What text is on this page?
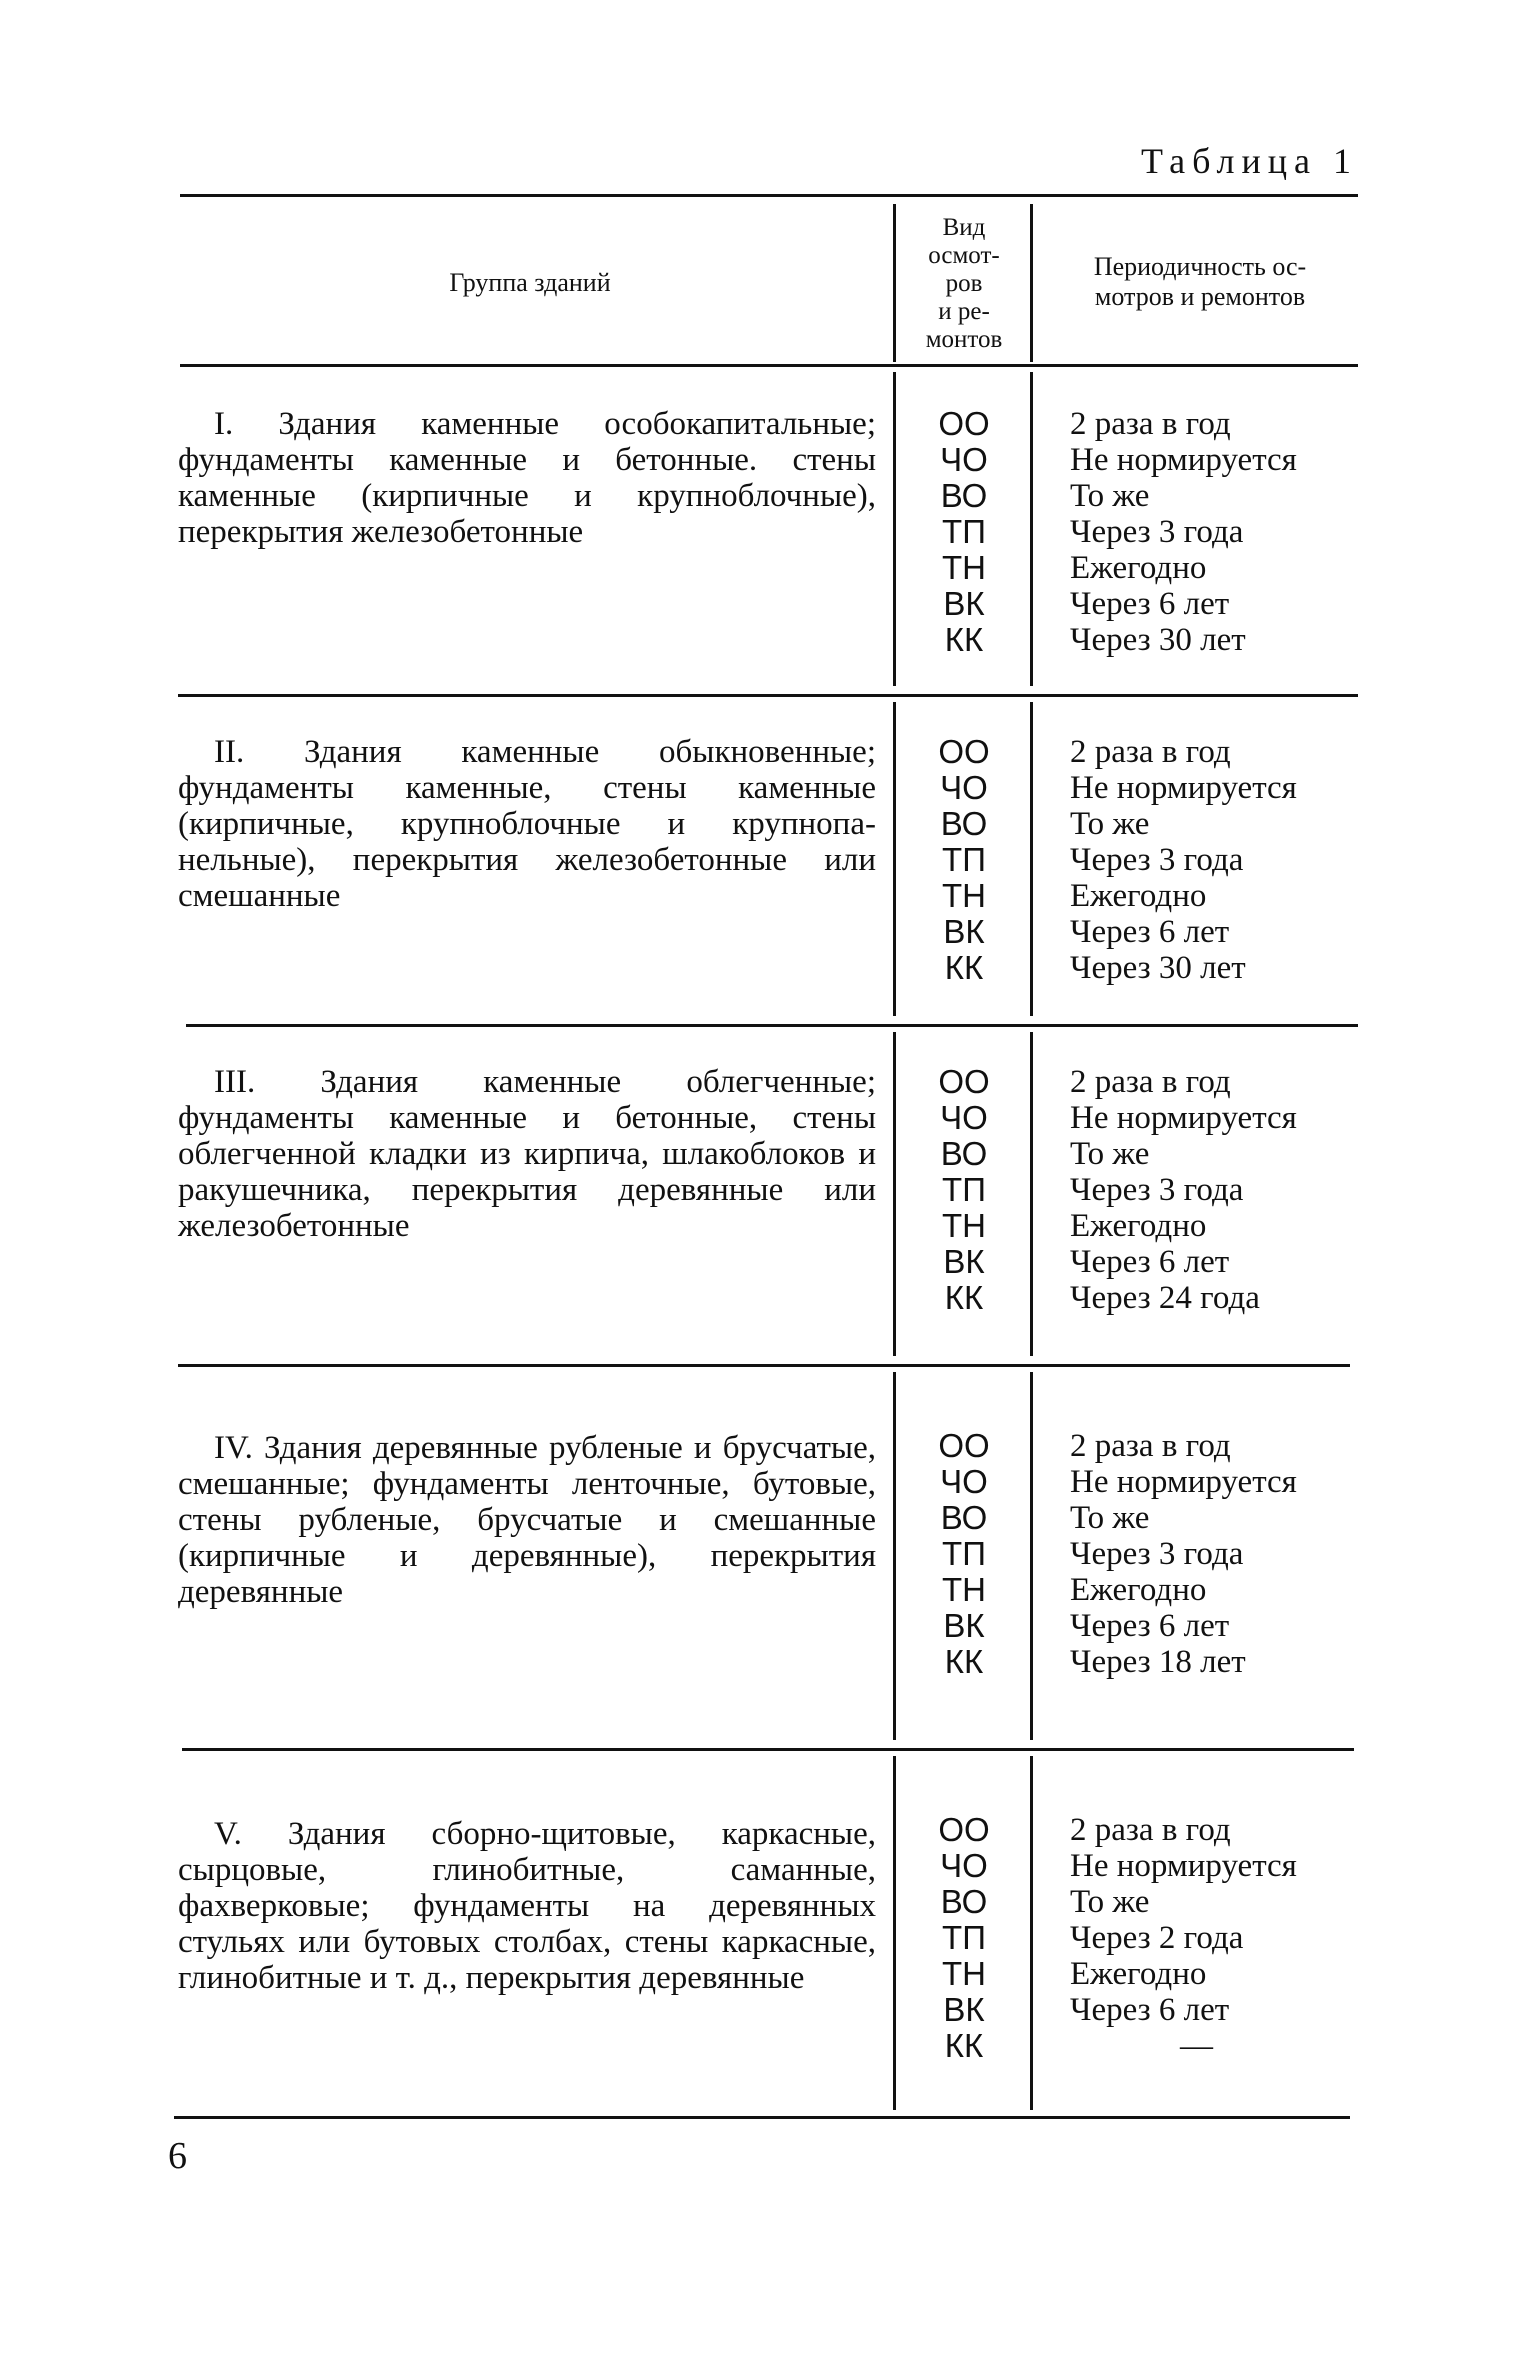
Таблица 1
Группа зданий
Вид
осмот-
ров
и ре-
монтов
Периодичность ос-
мотров и ремонтов
I. Здания каменные особокапитальные; фундаменты каменные и бетонные. стены каменные (кирпичные и крупноблочные), перекрытия железобетонные
ОО
ЧО
ВО
ТП
ТН
ВК
КК
2 раза в год
Не нормируется
То же
Через 3 года
Ежегодно
Через 6 лет
Через 30 лет
II. Здания каменные обыкновенные; фундаменты каменные, стены каменные (кирпичные, крупноблочные и крупнопанельные), перекрытия железобетонные или смешанные
ОО
ЧО
ВО
ТП
ТН
ВК
КК
2 раза в год
Не нормируется
То же
Через 3 года
Ежегодно
Через 6 лет
Через 30 лет
III. Здания каменные облегченные; фундаменты каменные и бетонные, стены облегченной кладки из кирпича, шлакоблоков и ракушечника, перекрытия деревянные или железобетонные
ОО
ЧО
ВО
ТП
ТН
ВК
КК
2 раза в год
Не нормируется
То же
Через 3 года
Ежегодно
Через 6 лет
Через 24 года
IV. Здания деревянные рубленые и брусчатые, смешанные; фундаменты ленточные, бутовые, стены рубленые, брусчатые и смешанные (кирпичные и деревянные), перекрытия деревянные
ОО
ЧО
ВО
ТП
ТН
ВК
КК
2 раза в год
Не нормируется
То же
Через 3 года
Ежегодно
Через 6 лет
Через 18 лет
V. Здания сборно-щитовые, каркасные, сырцовые, глинобитные, саманные, фахверковые; фундаменты на деревянных стульях или бутовых столбах, стены каркасные, глинобитные и т. д., перекрытия деревянные
ОО
ЧО
ВО
ТП
ТН
ВК
КК
2 раза в год
Не нормируется
То же
Через 2 года
Ежегодно
Через 6 лет
—
6
